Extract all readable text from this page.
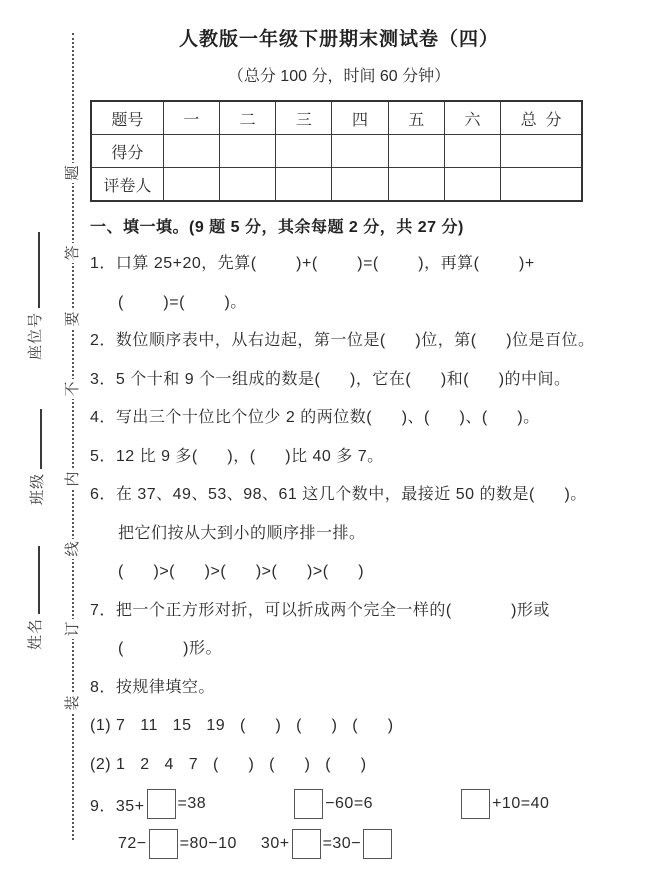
题
答
要
不
内
线
订
装
座位号
班级
姓名
人教版一年级下册期末测试卷（四）
（总分 100 分，时间 60 分钟）
题号	一	二	三	四	五	六	总  分
得分							
评卷人							
一、填一填。(9 题 5 分，其余每题 2 分，共 27 分)
1．口算 25+20，先算(        )+(        )=(        )，再算(        )+
(        )=(        )。
2．数位顺序表中，从右边起，第一位是(      )位，第(      )位是百位。
3．5 个十和 9 个一组成的数是(      )，它在(      )和(      )的中间。
4．写出三个十位比个位少 2 的两位数(      )、(      )、(      )。
5．12 比 9 多(      )，(      )比 40 多 7。
6．在 37、49、53、98、61 这几个数中，最接近 50 的数是(      )。
把它们按从大到小的顺序排一排。
(      )>(      )>(      )>(      )>(      )
7．把一个正方形对折，可以折成两个完全一样的(            )形或
(            )形。
8．按规律填空。
(1) 7   11   15   19   (      )   (      )   (      )
(2) 1   2   4   7   (      )   (      )   (      )
9．35+ =38	−60=6	+10=40
72− =80−10 30+ =30−
